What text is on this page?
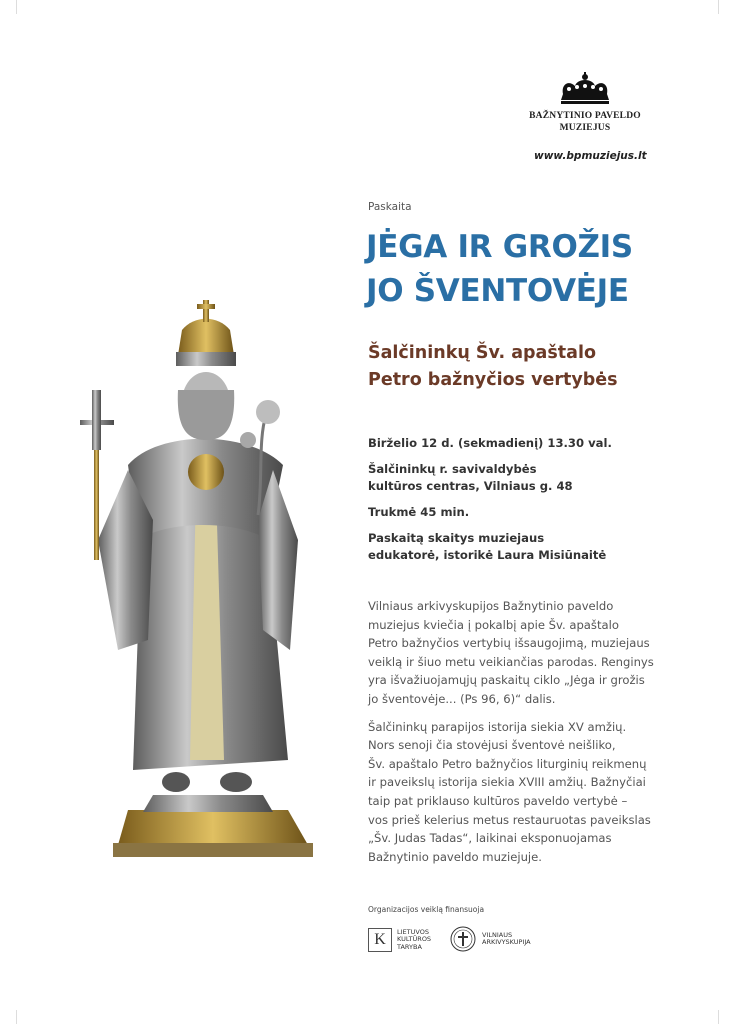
BAŽNYTINIO PAVELDO
MUZIEJUS
www.bpmuziejus.lt
Paskaita
JĖGA IR GROŽIS
JO ŠVENTOVĖJE
Šalčininkų Šv. apaštalo
Petro bažnyčios vertybės

Birželio 12 d. (sekmadienį) 13.30 val.

Šalčininkų r. savivaldybės
kultūros centras, Vilniaus g. 48

Trukmė 45 min.

Paskaitą skaitys muziejaus
edukatorė, istorikė Laura Misiūnaitė

Vilniaus arkivyskupijos Bažnytinio paveldo
muziejus kviečia į pokalbį apie Šv. apaštalo
Petro bažnyčios vertybių išsaugojimą, muziejaus
veiklą ir šiuo metu veikiančias parodas. Renginys
yra išvažiuojamųjų paskaitų ciklo „Jėga ir grožis
jo šventovėje... (Ps 96, 6)“ dalis.

Šalčininkų parapijos istorija siekia XV amžių.
Nors senoji čia stovėjusi šventovė neišliko,
Šv. apaštalo Petro bažnyčios liturginių reikmenų
ir paveikslų istorija siekia XVIII amžių. Bažnyčiai
taip pat priklauso kultūros paveldo vertybė –
vos prieš kelerius metus restauruotas paveikslas
„Šv. Judas Tadas“, laikinai eksponuojamas
Bažnytinio paveldo muziejuje.

Organizacijos veiklą finansuoja
K	LIETUVOS
KULTŪROS
TARYBA
VILNIAUS
ARKIVYSKUPIJA
